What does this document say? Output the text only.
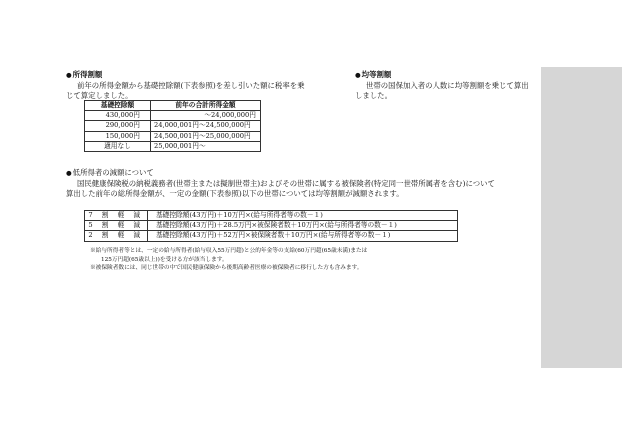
●所得割額
前年の所得金額から基礎控除額(下表参照)を差し引いた額に税率を乗じて算定しました。
基礎控除額	前年の合計所得金額
430,000円	～24,000,000円
290,000円	24,000,001円～24,500,000円
150,000円	24,500,001円～25,000,000円
適用なし	25,000,001円～
●均等割額
世帯の国保加入者の人数に均等割額を乗じて算出しました。
●低所得者の減額について
国民健康保険税の納税義務者(世帯主または擬制世帯主)およびその世帯に属する被保険者(特定同一世帯所属者を含む)について算出した前年の総所得金額が、一定の金額(下表参照)以下の世帯については均等割額が減額されます。
7 割 軽 減	基礎控除額(43万円)＋10万円×(給与所得者等の数－１)
5 割 軽 減	基礎控除額(43万円)＋28.5万円×被保険者数＋10万円×(給与所得者等の数－１)
2 割 軽 減	基礎控除額(43万円)＋52万円×被保険者数＋10万円×(給与所得者等の数－１)
※給与所得者等とは、一定の給与所得者(給与収入55万円超)と公的年金等の支給(60万円超(65歳未満)または
125万円超(65歳以上))を受ける方が該当します。
※被保険者数には、同じ世帯の中で国民健康保険から後期高齢者医療の被保険者に移行した方も含みます。
